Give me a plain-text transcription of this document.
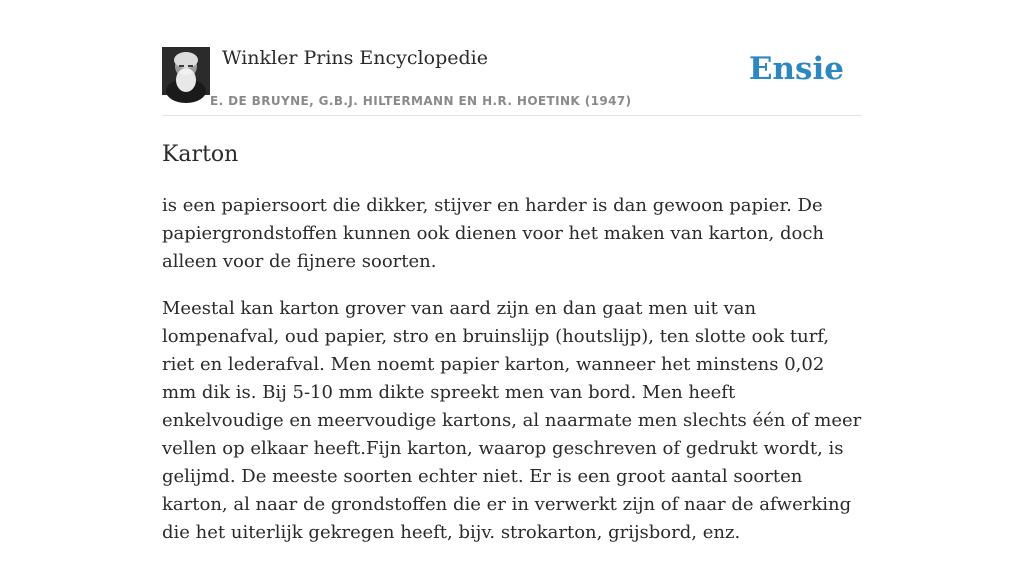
Winkler Prins Encyclopedie
E. DE BRUYNE, G.B.J. HILTERMANN EN H.R. HOETINK (1947)
Ensie
Karton

is een papiersoort die dikker, stijver en harder is dan gewoon papier. De papiergrondstoffen kunnen ook dienen voor het maken van karton, doch alleen voor de fijnere soorten.

Meestal kan karton grover van aard zijn en dan gaat men uit van lompenafval, oud papier, stro en bruinslijp (houtslijp), ten slotte ook turf, riet en lederafval. Men noemt papier karton, wanneer het minstens 0,02 mm dik is. Bij 5-10 mm dikte spreekt men van bord. Men heeft enkelvoudige en meervoudige kartons, al naarmate men slechts één of meer vellen op elkaar heeft.Fijn karton, waarop geschreven of gedrukt wordt, is gelijmd. De meeste soorten echter niet. Er is een groot aantal soorten karton, al naar de grondstoffen die er in verwerkt zijn of naar de afwerking die het uiterlijk gekregen heeft, bijv. strokarton, grijsbord, enz.
